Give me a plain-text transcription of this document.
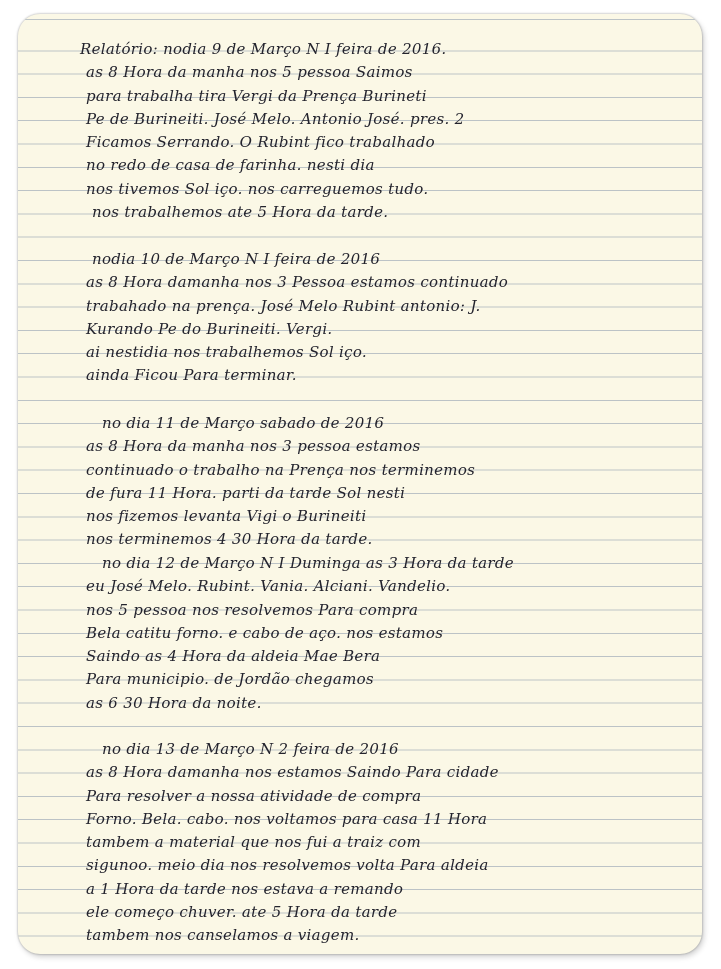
Relatório: nodia 9 de Março N I feira de 2016.
as 8 Hora da manha nos 5 pessoa Saimos
para trabalha tira Vergi da Prença Burineti
Pe de Burineiti. José Melo. Antonio José. pres. 2
Ficamos Serrando. O Rubint fico trabalhado
no redo de casa de farinha. nesti dia
nos tivemos Sol iço. nos carreguemos tudo.
nos trabalhemos ate 5 Hora da tarde.
nodia 10 de Março N I feira de 2016
as 8 Hora damanha nos 3 Pessoa estamos continuado
trabahado na prença. José Melo Rubint antonio: J.
Kurando Pe do Burineiti. Vergi.
ai nestidia nos trabalhemos Sol iço.
ainda Ficou Para terminar.
no dia 11 de Março sabado de 2016
as 8 Hora da manha nos 3 pessoa estamos
continuado o trabalho na Prença nos terminemos
de fura 11 Hora. parti da tarde Sol nesti
nos fizemos levanta Vigi o Burineiti
nos terminemos 4 30 Hora da tarde.
no dia 12 de Março N I Duminga as 3 Hora da tarde
eu José Melo. Rubint. Vania. Alciani. Vandelio.
nos 5 pessoa nos resolvemos Para compra
Bela catitu forno. e cabo de aço. nos estamos
Saindo as 4 Hora da aldeia Mae Bera
Para municipio. de Jordão chegamos
as 6 30 Hora da noite.
no dia 13 de Março N 2 feira de 2016
as 8 Hora damanha nos estamos Saindo Para cidade
Para resolver a nossa atividade de compra
Forno. Bela. cabo. nos voltamos para casa 11 Hora
tambem a material que nos fui a traiz com
sigunoo. meio dia nos resolvemos volta Para aldeia
a 1 Hora da tarde nos estava a remando
ele começo chuver. ate 5 Hora da tarde
tambem nos canselamos a viagem.
